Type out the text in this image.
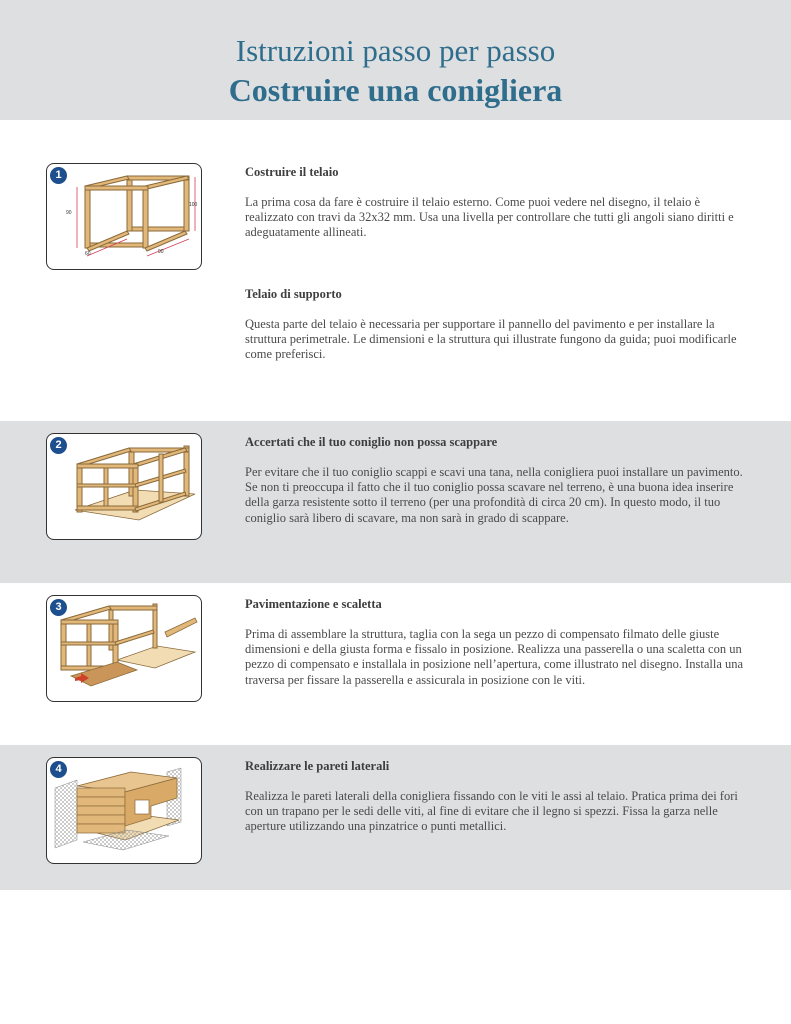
Istruzioni passo per passo
Costruire una conigliera
90
100
60	90
1	Costruire il telaio

La prima cosa da fare è costruire il telaio esterno. Come puoi vedere nel disegno, il telaio è realizzato con travi da 32x32 mm. Usa una livella per controllare che tutti gli angoli siano diritti e adeguatamente allineati.

Telaio di supporto

Questa parte del telaio è necessaria per supportare il pannello del pavimento e per installare la struttura perimetrale. Le dimensioni e la struttura qui illustrate fungono da guida; puoi modificarle come preferisci.

2	Accertati che il tuo coniglio non possa scappare

Per evitare che il tuo coniglio scappi e scavi una tana, nella conigliera puoi installare un pavimento. Se non ti preoccupa il fatto che il tuo coniglio possa scavare nel terreno, è una buona idea inserire della garza resistente sotto il terreno (per una profondità di circa 20 cm). In questo modo, il tuo coniglio sarà libero di scavare, ma non sarà in grado di scappare.

3	Pavimentazione e scaletta

Prima di assemblare la struttura, taglia con la sega un pezzo di compensato filmato delle giuste dimensioni e della giusta forma e fissalo in posizione. Realizza una passerella o una scaletta con un pezzo di compensato e installala in posizione nell’apertura, come illustrato nel disegno. Installa una traversa per fissare la passerella e assicurala in posizione con le viti.

4	Realizzare le pareti laterali

Realizza le pareti laterali della conigliera fissando con le viti le assi al telaio. Pratica prima dei fori con un trapano per le sedi delle viti, al fine di evitare che il legno si spezzi. Fissa la garza nelle aperture utilizzando una pinzatrice o punti metallici.
